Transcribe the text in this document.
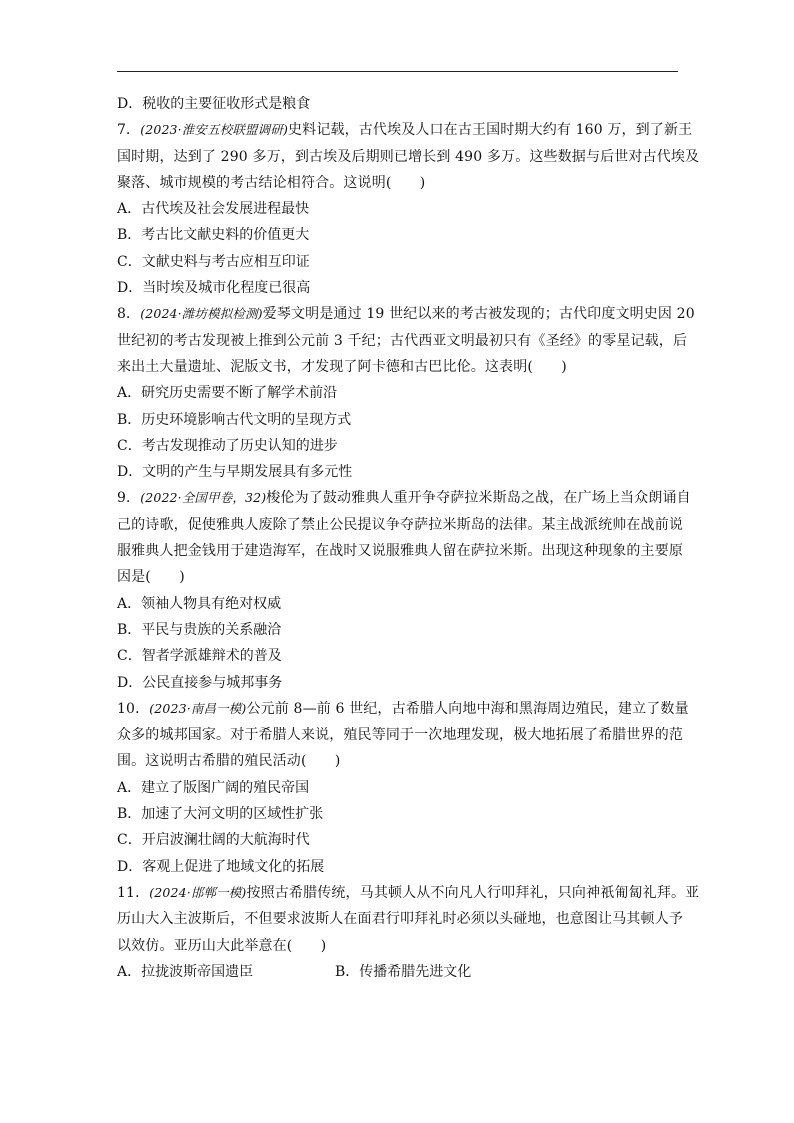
D．税收的主要征收形式是粮食
7．(2023·淮安五校联盟调研)史料记载，古代埃及人口在古王国时期大约有 160 万，到了新王
国时期，达到了 290 多万，到古埃及后期则已增长到 490 多万。这些数据与后世对古代埃及
聚落、城市规模的考古结论相符合。这说明(　　)
A．古代埃及社会发展进程最快
B．考古比文献史料的价值更大
C．文献史料与考古应相互印证
D．当时埃及城市化程度已很高
8．(2024·潍坊模拟检测)爱琴文明是通过 19 世纪以来的考古被发现的；古代印度文明史因 20
世纪初的考古发现被上推到公元前 3 千纪；古代西亚文明最初只有《圣经》的零星记载，后
来出土大量遗址、泥版文书，才发现了阿卡德和古巴比伦。这表明(　　)
A．研究历史需要不断了解学术前沿
B．历史环境影响古代文明的呈现方式
C．考古发现推动了历史认知的进步
D．文明的产生与早期发展具有多元性
9．(2022·全国甲卷，32)梭伦为了鼓动雅典人重开争夺萨拉米斯岛之战，在广场上当众朗诵自
己的诗歌，促使雅典人废除了禁止公民提议争夺萨拉米斯岛的法律。某主战派统帅在战前说
服雅典人把金钱用于建造海军，在战时又说服雅典人留在萨拉米斯。出现这种现象的主要原
因是(　　)
A．领袖人物具有绝对权威
B．平民与贵族的关系融洽
C．智者学派雄辩术的普及
D．公民直接参与城邦事务
10．(2023·南昌一模)公元前 8—前 6 世纪，古希腊人向地中海和黑海周边殖民，建立了数量
众多的城邦国家。对于希腊人来说，殖民等同于一次地理发现，极大地拓展了希腊世界的范
围。这说明古希腊的殖民活动(　　)
A．建立了版图广阔的殖民帝国
B．加速了大河文明的区域性扩张
C．开启波澜壮阔的大航海时代
D．客观上促进了地域文化的拓展
11．(2024·邯郸一模)按照古希腊传统，马其顿人从不向凡人行叩拜礼，只向神祇匍匐礼拜。亚
历山大入主波斯后，不但要求波斯人在面君行叩拜礼时必须以头碰地，也意图让马其顿人予
以效仿。亚历山大此举意在(　　)
A．拉拢波斯帝国遗臣	B．传播希腊先进文化
